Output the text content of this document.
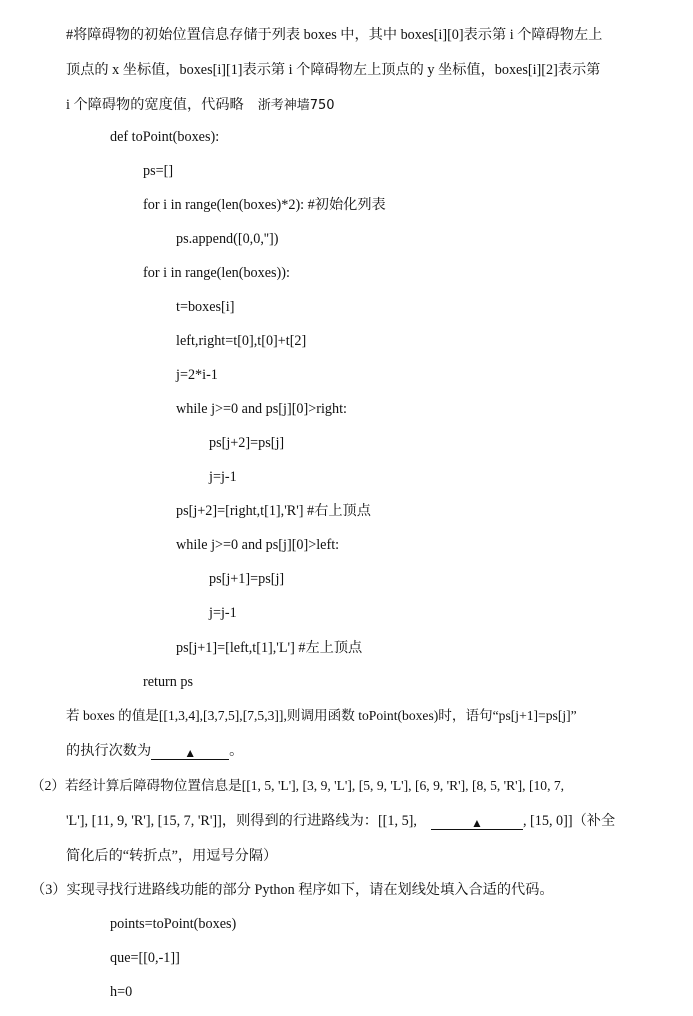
#将障碍物的初始位置信息存储于列表 boxes 中，其中 boxes[i][0]表示第 i 个障碍物左上
顶点的 x 坐标值，boxes[i][1]表示第 i 个障碍物左上顶点的 y 坐标值，boxes[i][2]表示第
i 个障碍物的宽度值，代码略 浙考神墙750
def toPoint(boxes):
ps=[]
for i in range(len(boxes)*2): #初始化列表
ps.append([0,0,''])
for i in range(len(boxes)):
t=boxes[i]
left,right=t[0],t[0]+t[2]
j=2*i-1
while j>=0 and ps[j][0]>right:
ps[j+2]=ps[j]
j=j-1
ps[j+2]=[right,t[1],'R'] #右上顶点
while j>=0 and ps[j][0]>left:
ps[j+1]=ps[j]
j=j-1
ps[j+1]=[left,t[1],'L'] #左上顶点
return ps
若 boxes 的值是[[1,3,4],[3,7,5],[7,5,3]],则调用函数 toPoint(boxes)时，语句“ps[j+1]=ps[j]”
的执行次数为	▲ 。
（2）若经计算后障碍物位置信息是[[1, 5, 'L'], [3, 9, 'L'], [5, 9, 'L'], [6, 9, 'R'], [8, 5, 'R'], [10, 7,
'L'], [11, 9, 'R'], [15, 7, 'R']]，则得到的行进路线为：[[1, 5],	▲	, [15, 0]]（补全
简化后的“转折点”，用逗号分隔）
（3）实现寻找行进路线功能的部分 Python 程序如下，请在划线处填入合适的代码。
points=toPoint(boxes)
que=[[0,-1]]
h=0
